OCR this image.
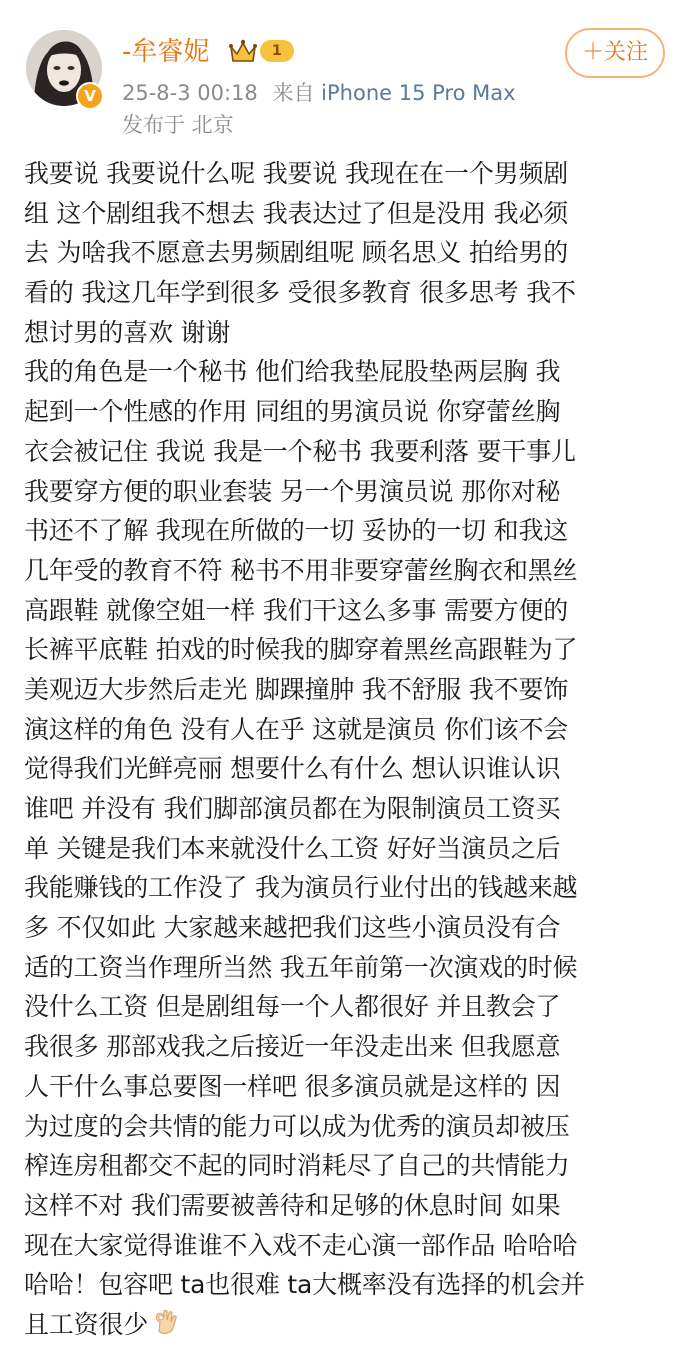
V
-牟睿妮	1
25-8-3 00:18 来自 iPhone 15 Pro Max
发布于 北京
＋关注
我要说 我要说什么呢 我要说 我现在在一个男频剧
组 这个剧组我不想去 我表达过了但是没用 我必须
去 为啥我不愿意去男频剧组呢 顾名思义 拍给男的
看的 我这几年学到很多 受很多教育 很多思考 我不
想讨男的喜欢 谢谢
我的角色是一个秘书 他们给我垫屁股垫两层胸 我
起到一个性感的作用 同组的男演员说 你穿蕾丝胸
衣会被记住 我说 我是一个秘书 我要利落 要干事儿
我要穿方便的职业套装 另一个男演员说 那你对秘
书还不了解 我现在所做的一切 妥协的一切 和我这
几年受的教育不符 秘书不用非要穿蕾丝胸衣和黑丝
高跟鞋 就像空姐一样 我们干这么多事 需要方便的
长裤平底鞋 拍戏的时候我的脚穿着黑丝高跟鞋为了
美观迈大步然后走光 脚踝撞肿 我不舒服 我不要饰
演这样的角色 没有人在乎 这就是演员 你们该不会
觉得我们光鲜亮丽 想要什么有什么 想认识谁认识
谁吧 并没有 我们脚部演员都在为限制演员工资买
单 关键是我们本来就没什么工资 好好当演员之后
我能赚钱的工作没了 我为演员行业付出的钱越来越
多 不仅如此 大家越来越把我们这些小演员没有合
适的工资当作理所当然 我五年前第一次演戏的时候
没什么工资 但是剧组每一个人都很好 并且教会了
我很多 那部戏我之后接近一年没走出来 但我愿意
人干什么事总要图一样吧 很多演员就是这样的 因
为过度的会共情的能力可以成为优秀的演员却被压
榨连房租都交不起的同时消耗尽了自己的共情能力
这样不对 我们需要被善待和足够的休息时间 如果
现在大家觉得谁谁不入戏不走心演一部作品 哈哈哈
哈哈！包容吧 ta也很难 ta大概率没有选择的机会并
且工资很少
